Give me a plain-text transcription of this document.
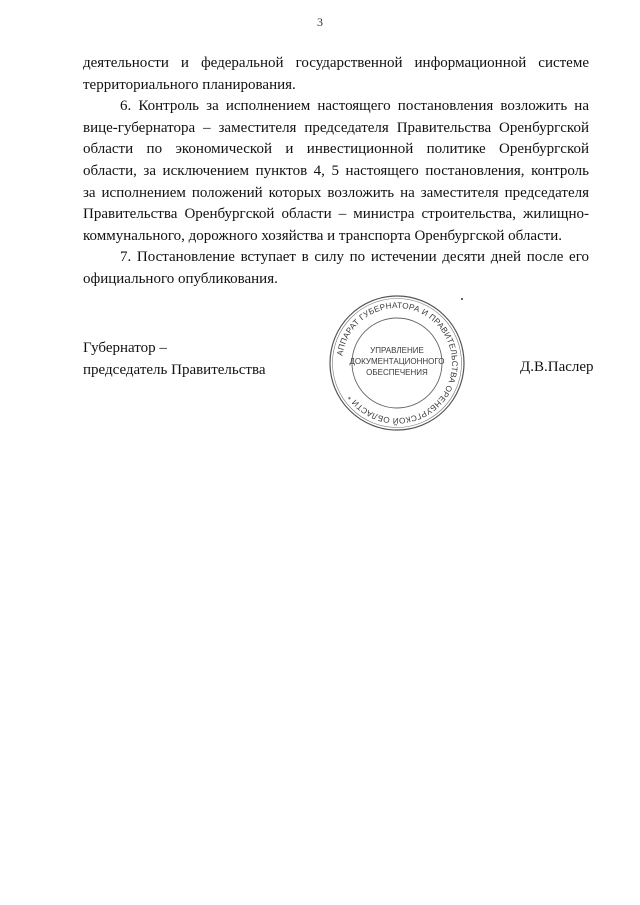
3

деятельности и федеральной государственной информационной системе
территориального планирования.

6. Контроль за исполнением настоящего постановления возложить на
вице-губернатора – заместителя председателя Правительства Оренбургской
области по экономической и инвестиционной политике Оренбургской
области, за исключением пунктов 4, 5 настоящего постановления, контроль
за исполнением положений которых возложить на заместителя председателя
Правительства Оренбургской области – министра строительства, жилищно-
коммунального, дорожного хозяйства и транспорта Оренбургской области.

7. Постановление вступает в силу по истечении десяти дней после его
официального опубликования.

Губернатор –
председатель Правительства
АППАРАТ ГУБЕРНАТОРА И ПРАВИТЕЛЬСТВА ОРЕНБУРГСКОЙ ОБЛАСТИ *
УПРАВЛЕНИЕ
ДОКУМЕНТАЦИОННОГО
ОБЕСПЕЧЕНИЯ	Д.В.Паслер
